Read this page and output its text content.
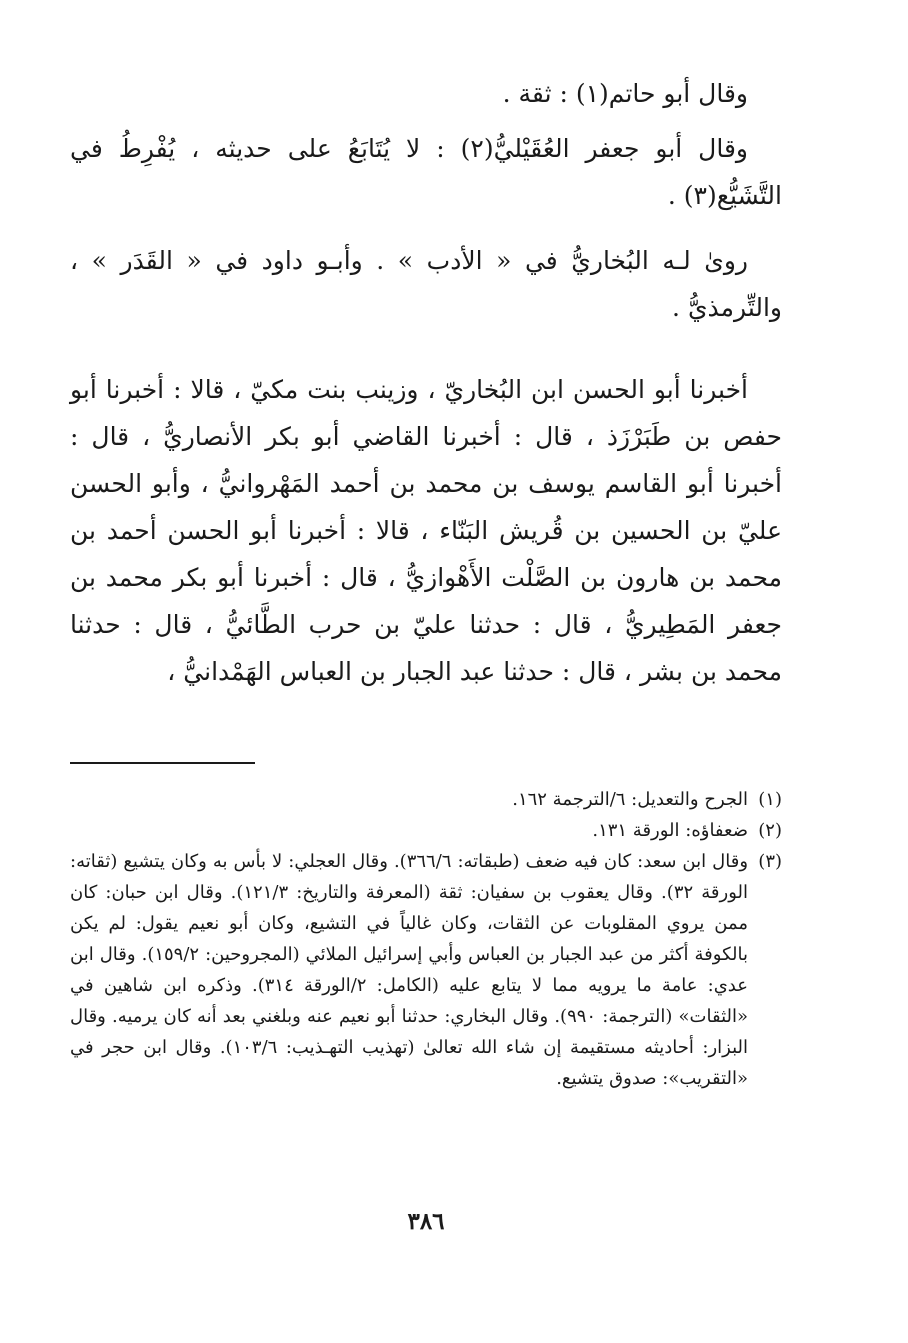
وقال أبو حاتم(١) : ثقة .

وقال أبو جعفر العُقَيْليُّ(٢) : لا يُتَابَعُ على حديثه ، يُفْرِطُ في التَّشَيُّع(٣) .

روىٰ لـه البُخاريُّ في « الأدب » . وأبـو داود في « القَدَر » ، والتِّرمذيُّ .

أخبرنا أبو الحسن ابن البُخاريّ ، وزينب بنت مكيّ ، قالا : أخبرنا أبو حفص بن طَبَرْزَذ ، قال : أخبرنا القاضي أبو بكر الأنصاريُّ ، قال : أخبرنا أبو القاسم يوسف بن محمد بن أحمد المَهْروانيُّ ، وأبو الحسن عليّ بن الحسين بن قُريش البَنّاء ، قالا : أخبرنا أبو الحسن أحمد بن محمد بن هارون بن الصَّلْت الأَهْوازيُّ ، قال : أخبرنا أبو بكر محمد بن جعفر المَطِيريُّ ، قال : حدثنا عليّ بن حرب الطَّائيُّ ، قال : حدثنا محمد بن بشر ، قال : حدثنا عبد الجبار بن العباس الهَمْدانيُّ ،

(١)الجرح والتعديل: ٦/الترجمة ١٦٢.

(٢)ضعفاؤه: الورقة ١٣١.

(٣)وقال ابن سعد: كان فيه ضعف (طبقاته: ٣٦٦/٦). وقال العجلي: لا بأس به وكان يتشيع (ثقاته: الورقة ٣٢). وقال يعقوب بن سفيان: ثقة (المعرفة والتاريخ: ١٢١/٣). وقال ابن حبان: كان ممن يروي المقلوبات عن الثقات، وكان غالياً في التشيع، وكان أبو نعيم يقول: لم يكن بالكوفة أكثر من عبد الجبار بن العباس وأبي إسرائيل الملائي (المجروحين: ١٥٩/٢). وقال ابن عدي: عامة ما يرويه مما لا يتابع عليه (الكامل: ٢/الورقة ٣١٤). وذكره ابن شاهين في «الثقات» (الترجمة: ٩٩٠). وقال البخاري: حدثنا أبو نعيم عنه وبلغني بعد أنه كان يرميه. وقال البزار: أحاديثه مستقيمة إن شاء الله تعالىٰ (تهذيب التهـذيب: ١٠٣/٦). وقال ابن حجر في «التقريب»: صدوق يتشيع.

٣٨٦
